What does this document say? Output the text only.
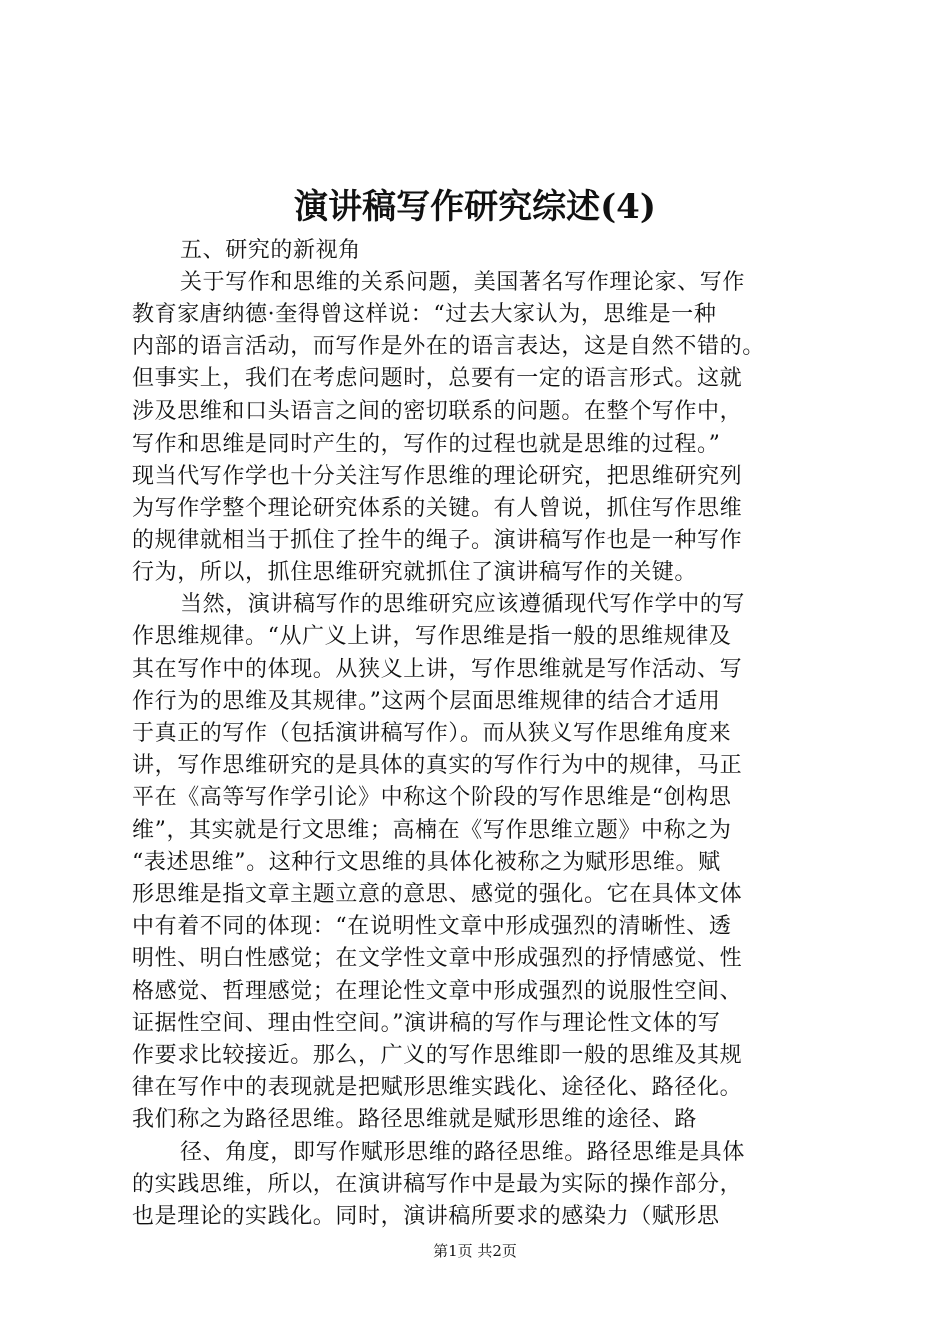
演讲稿写作研究综述(4)
五、研究的新视角
关于写作和思维的关系问题，美国著名写作理论家、写作
教育家唐纳德·奎得曾这样说：“过去大家认为，思维是一种
内部的语言活动，而写作是外在的语言表达，这是自然不错的。
但事实上，我们在考虑问题时，总要有一定的语言形式。这就
涉及思维和口头语言之间的密切联系的问题。在整个写作中，
写作和思维是同时产生的，写作的过程也就是思维的过程。”
现当代写作学也十分关注写作思维的理论研究，把思维研究列
为写作学整个理论研究体系的关键。有人曾说，抓住写作思维
的规律就相当于抓住了拴牛的绳子。演讲稿写作也是一种写作
行为，所以，抓住思维研究就抓住了演讲稿写作的关键。
当然，演讲稿写作的思维研究应该遵循现代写作学中的写
作思维规律。“从广义上讲，写作思维是指一般的思维规律及
其在写作中的体现。从狭义上讲，写作思维就是写作活动、写
作行为的思维及其规律。”这两个层面思维规律的结合才适用
于真正的写作（包括演讲稿写作）。而从狭义写作思维角度来
讲，写作思维研究的是具体的真实的写作行为中的规律，马正
平在《高等写作学引论》中称这个阶段的写作思维是“创构思
维”，其实就是行文思维；高楠在《写作思维立题》中称之为
“表述思维”。这种行文思维的具体化被称之为赋形思维。赋
形思维是指文章主题立意的意思、感觉的强化。它在具体文体
中有着不同的体现：“在说明性文章中形成强烈的清晰性、透
明性、明白性感觉；在文学性文章中形成强烈的抒情感觉、性
格感觉、哲理感觉；在理论性文章中形成强烈的说服性空间、
证据性空间、理由性空间。”演讲稿的写作与理论性文体的写
作要求比较接近。那么，广义的写作思维即一般的思维及其规
律在写作中的表现就是把赋形思维实践化、途径化、路径化。
我们称之为路径思维。路径思维就是赋形思维的途径、路
径、角度，即写作赋形思维的路径思维。路径思维是具体
的实践思维，所以，在演讲稿写作中是最为实际的操作部分，
也是理论的实践化。同时，演讲稿所要求的感染力（赋形思
第1页 共2页
